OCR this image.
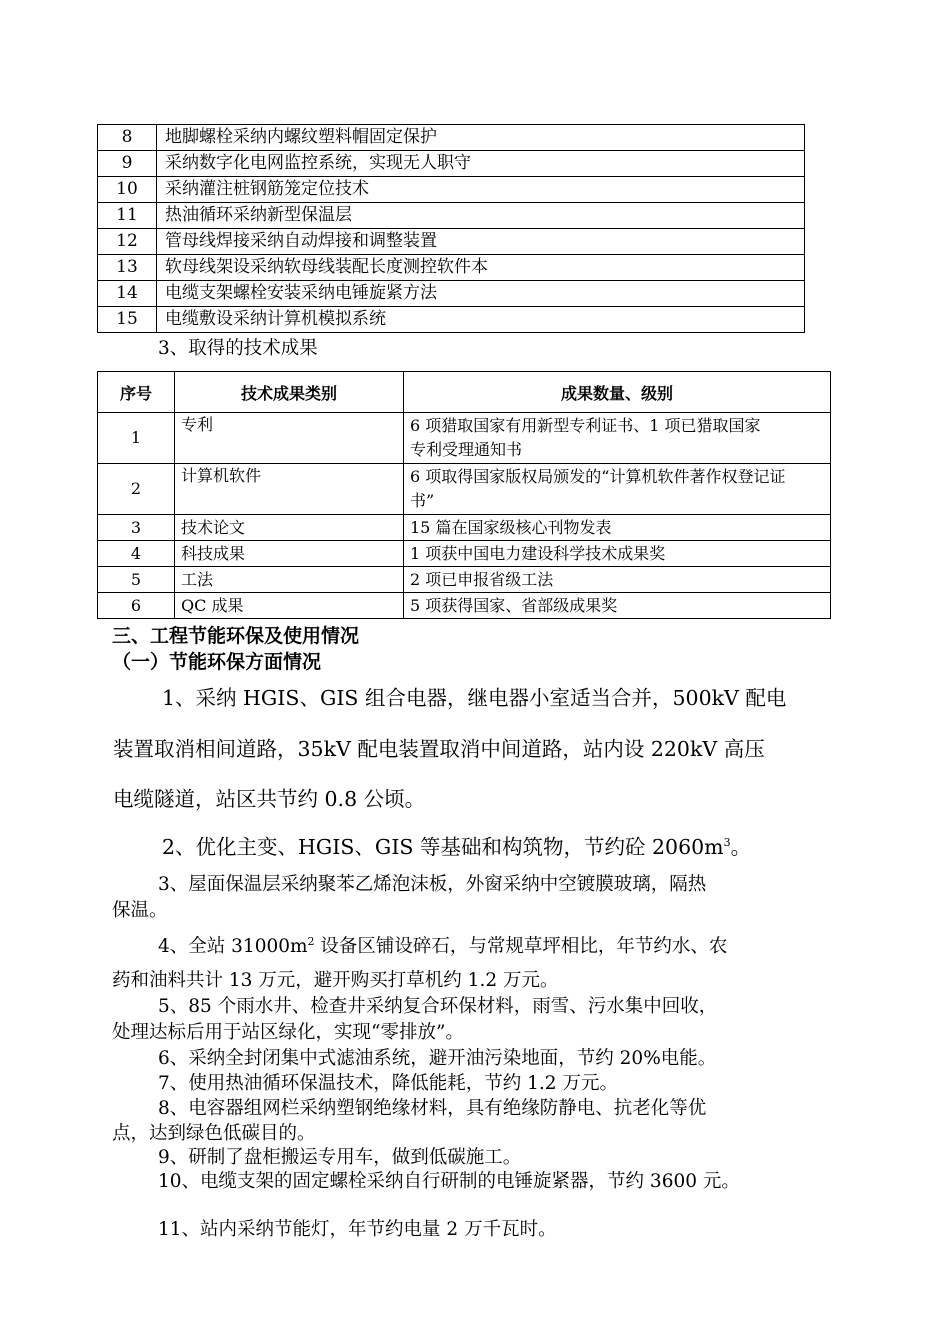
8	地脚螺栓采纳内螺纹塑料帽固定保护
9	采纳数字化电网监控系统，实现无人职守
10	采纳灌注桩钢筋笼定位技术
11	热油循环采纳新型保温层
12	管母线焊接采纳自动焊接和调整装置
13	软母线架设采纳软母线装配长度测控软件本
14	电缆支架螺栓安装采纳电锤旋紧方法
15	电缆敷设采纳计算机模拟系统
3、取得的技术成果
序号	技术成果类别	成果数量、级别
1	专利	6 项猎取国家有用新型专利证书、1 项已猎取国家
专利受理通知书

2	计算机软件	6 项取得国家版权局颁发的“计算机软件著作权登记证
书”

3	技术论文	15 篇在国家级核心刊物发表

4	科技成果	1 项获中国电力建设科学技术成果奖

5	工法	2 项已申报省级工法

6	QC 成果	5 项获得国家、省部级成果奖
三、工程节能环保及使用情况
（一）节能环保方面情况
1、采纳 HGIS、GIS 组合电器，继电器小室适当合并，500kV 配电
装置取消相间道路，35kV 配电装置取消中间道路，站内设 220kV 高压
电缆隧道，站区共节约 0.8 公顷。
2、优化主变、HGIS、GIS 等基础和构筑物，节约砼 $2060m^3$。
3、屋面保温层采纳聚苯乙烯泡沫板，外窗采纳中空镀膜玻璃，隔热
保温。
4、全站 $31000m^2$ 设备区铺设碎石，与常规草坪相比，年节约水、农
药和油料共计 13 万元，避开购买打草机约 1.2 万元。
5、85 个雨水井、检查井采纳复合环保材料，雨雪、污水集中回收，
处理达标后用于站区绿化，实现“零排放”。
6、采纳全封闭集中式滤油系统，避开油污染地面，节约 20%电能。
7、使用热油循环保温技术，降低能耗，节约 1.2 万元。
8、电容器组网栏采纳塑钢绝缘材料，具有绝缘防静电、抗老化等优
点，达到绿色低碳目的。
9、研制了盘柜搬运专用车，做到低碳施工。
10、电缆支架的固定螺栓采纳自行研制的电锤旋紧器，节约 3600 元。
11、站内采纳节能灯，年节约电量 2 万千瓦时。
